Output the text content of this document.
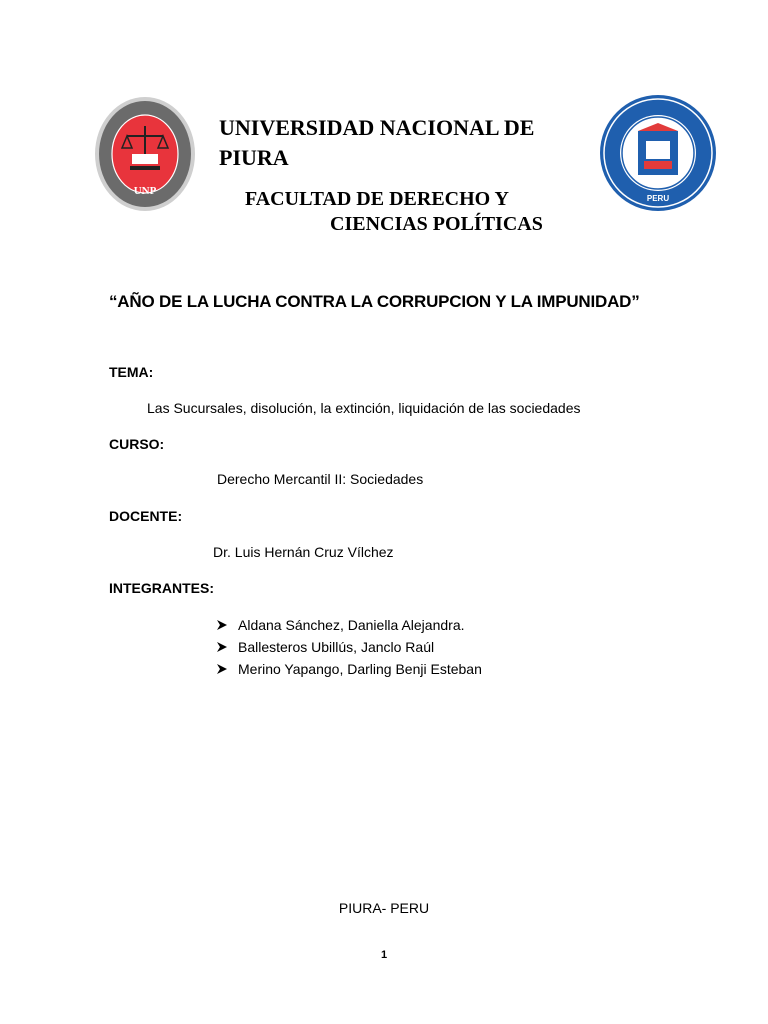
UNP
UNIVERSIDAD NACIONAL DE PIURA
FACULTAD DE DERECHO Y
CIENCIAS POLÍTICAS
PERU
“AÑO DE LA LUCHA CONTRA LA CORRUPCION Y LA IMPUNIDAD”
TEMA:
Las Sucursales, disolución, la extinción, liquidación de las sociedades
CURSO:
Derecho Mercantil II: Sociedades
DOCENTE:
Dr. Luis Hernán Cruz Vílchez
INTEGRANTES:
Aldana Sánchez, Daniella Alejandra.
Ballesteros Ubillús, Janclo Raúl
Merino Yapango, Darling Benji Esteban
PIURA- PERU
1
